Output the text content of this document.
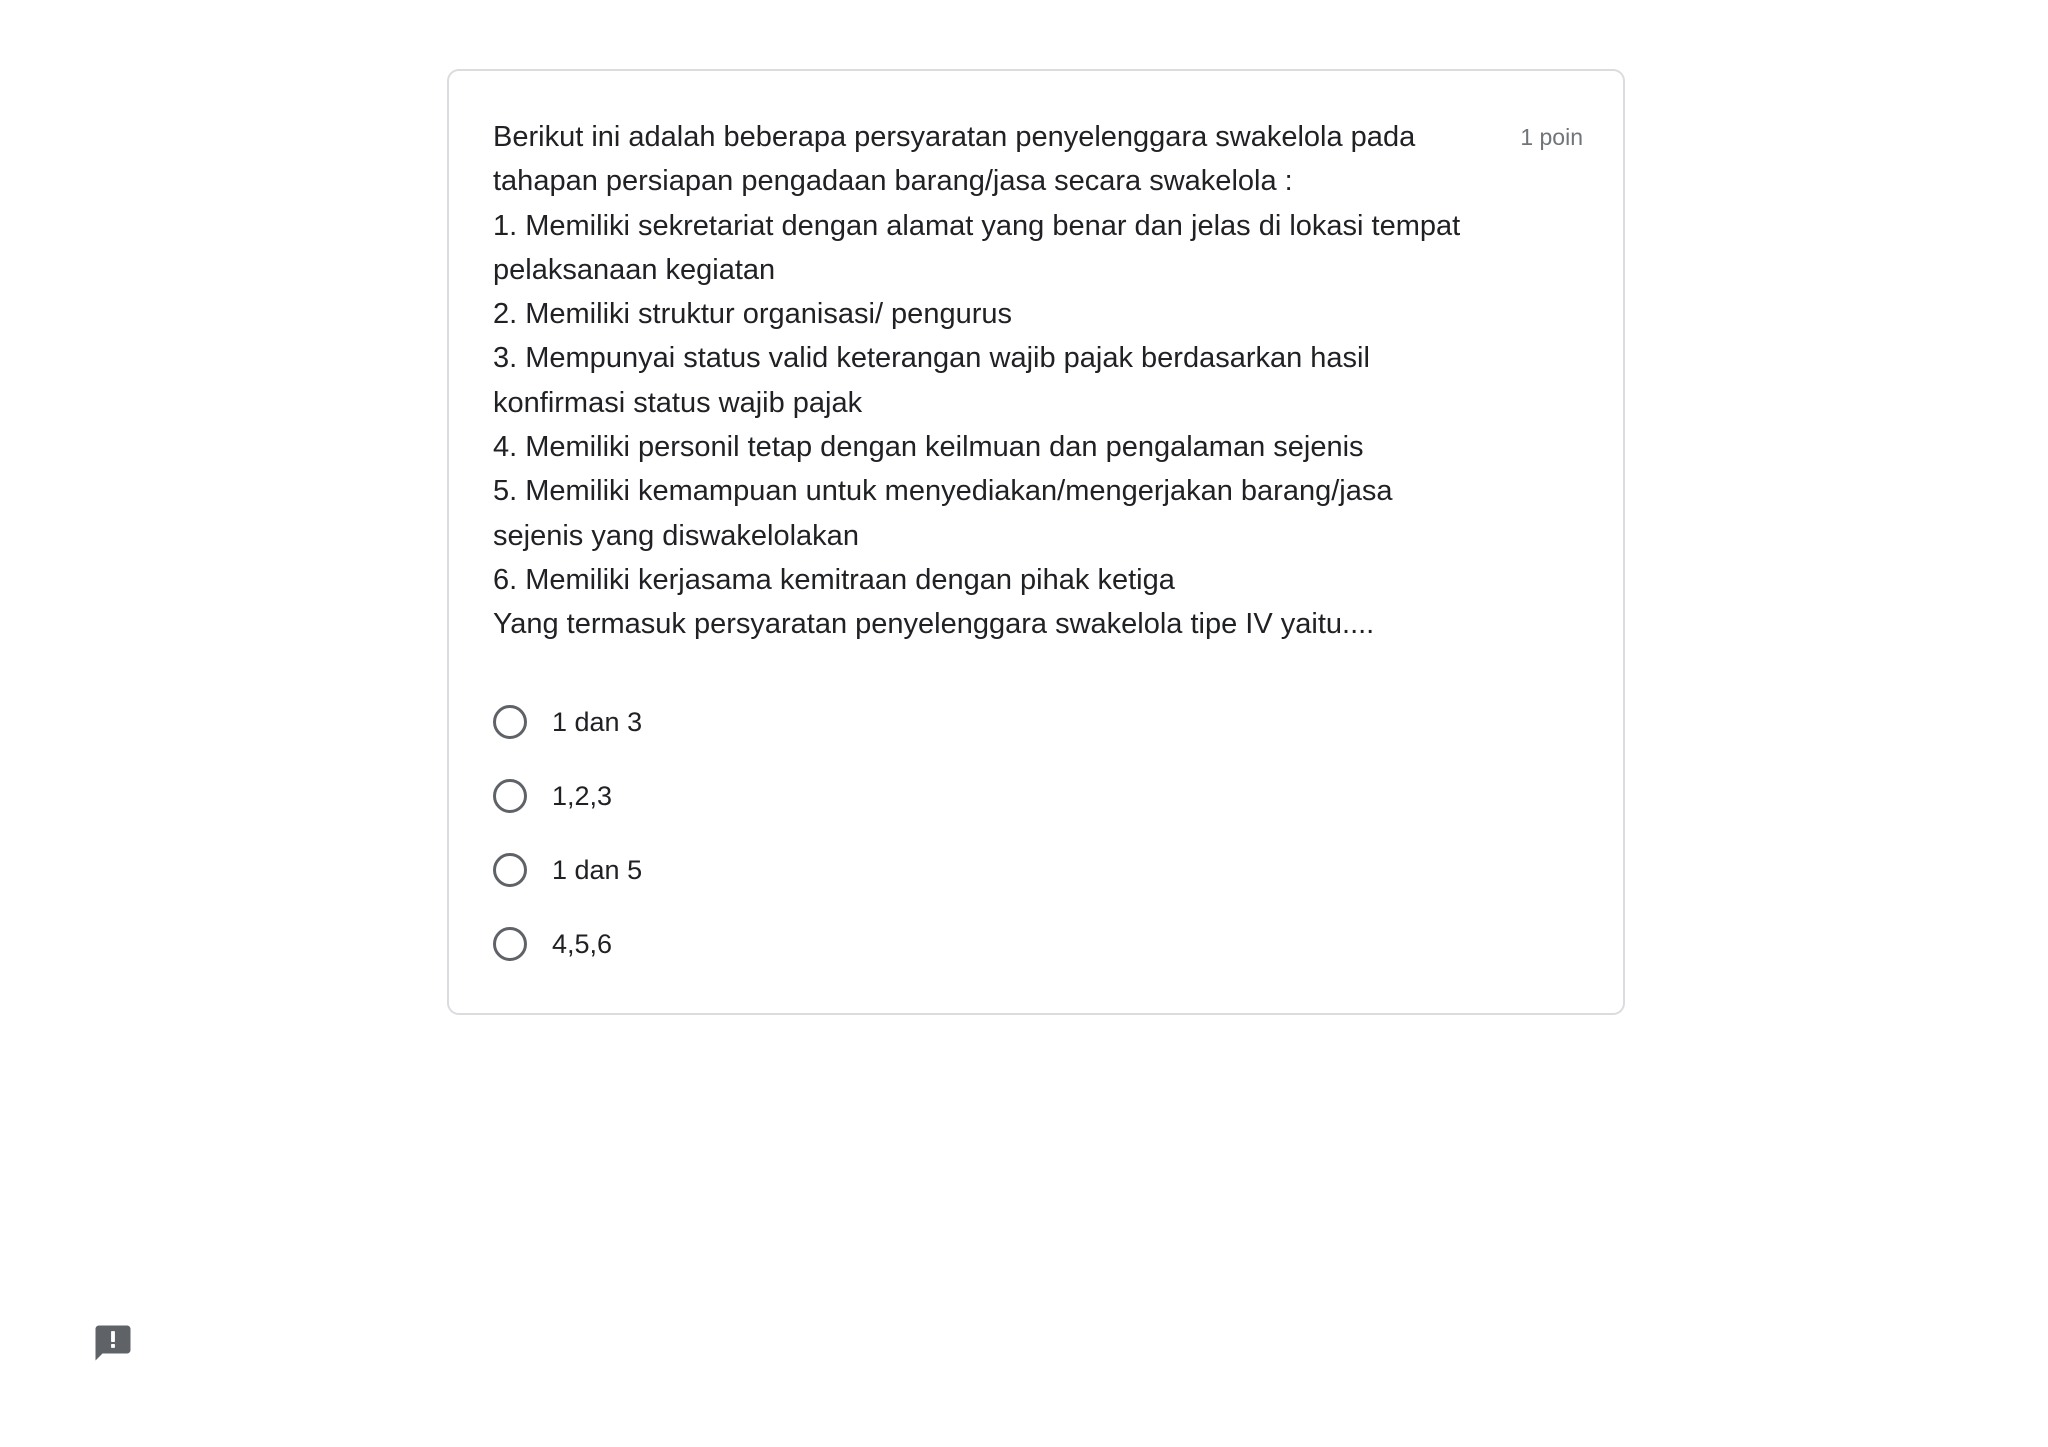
Berikut ini adalah beberapa persyaratan penyelenggara swakelola pada
tahapan persiapan pengadaan barang/jasa secara swakelola :
1. Memiliki sekretariat dengan alamat yang benar dan jelas di lokasi tempat
pelaksanaan kegiatan
2. Memiliki struktur organisasi/ pengurus
3. Mempunyai status valid keterangan wajib pajak berdasarkan hasil
konfirmasi status wajib pajak
4. Memiliki personil tetap dengan keilmuan dan pengalaman sejenis
5. Memiliki kemampuan untuk menyediakan/mengerjakan barang/jasa
sejenis yang diswakelolakan
6. Memiliki kerjasama kemitraan dengan pihak ketiga
Yang termasuk persyaratan penyelenggara swakelola tipe IV yaitu....

1 poin
1 dan 3
1,2,3
1 dan 5
4,5,6
